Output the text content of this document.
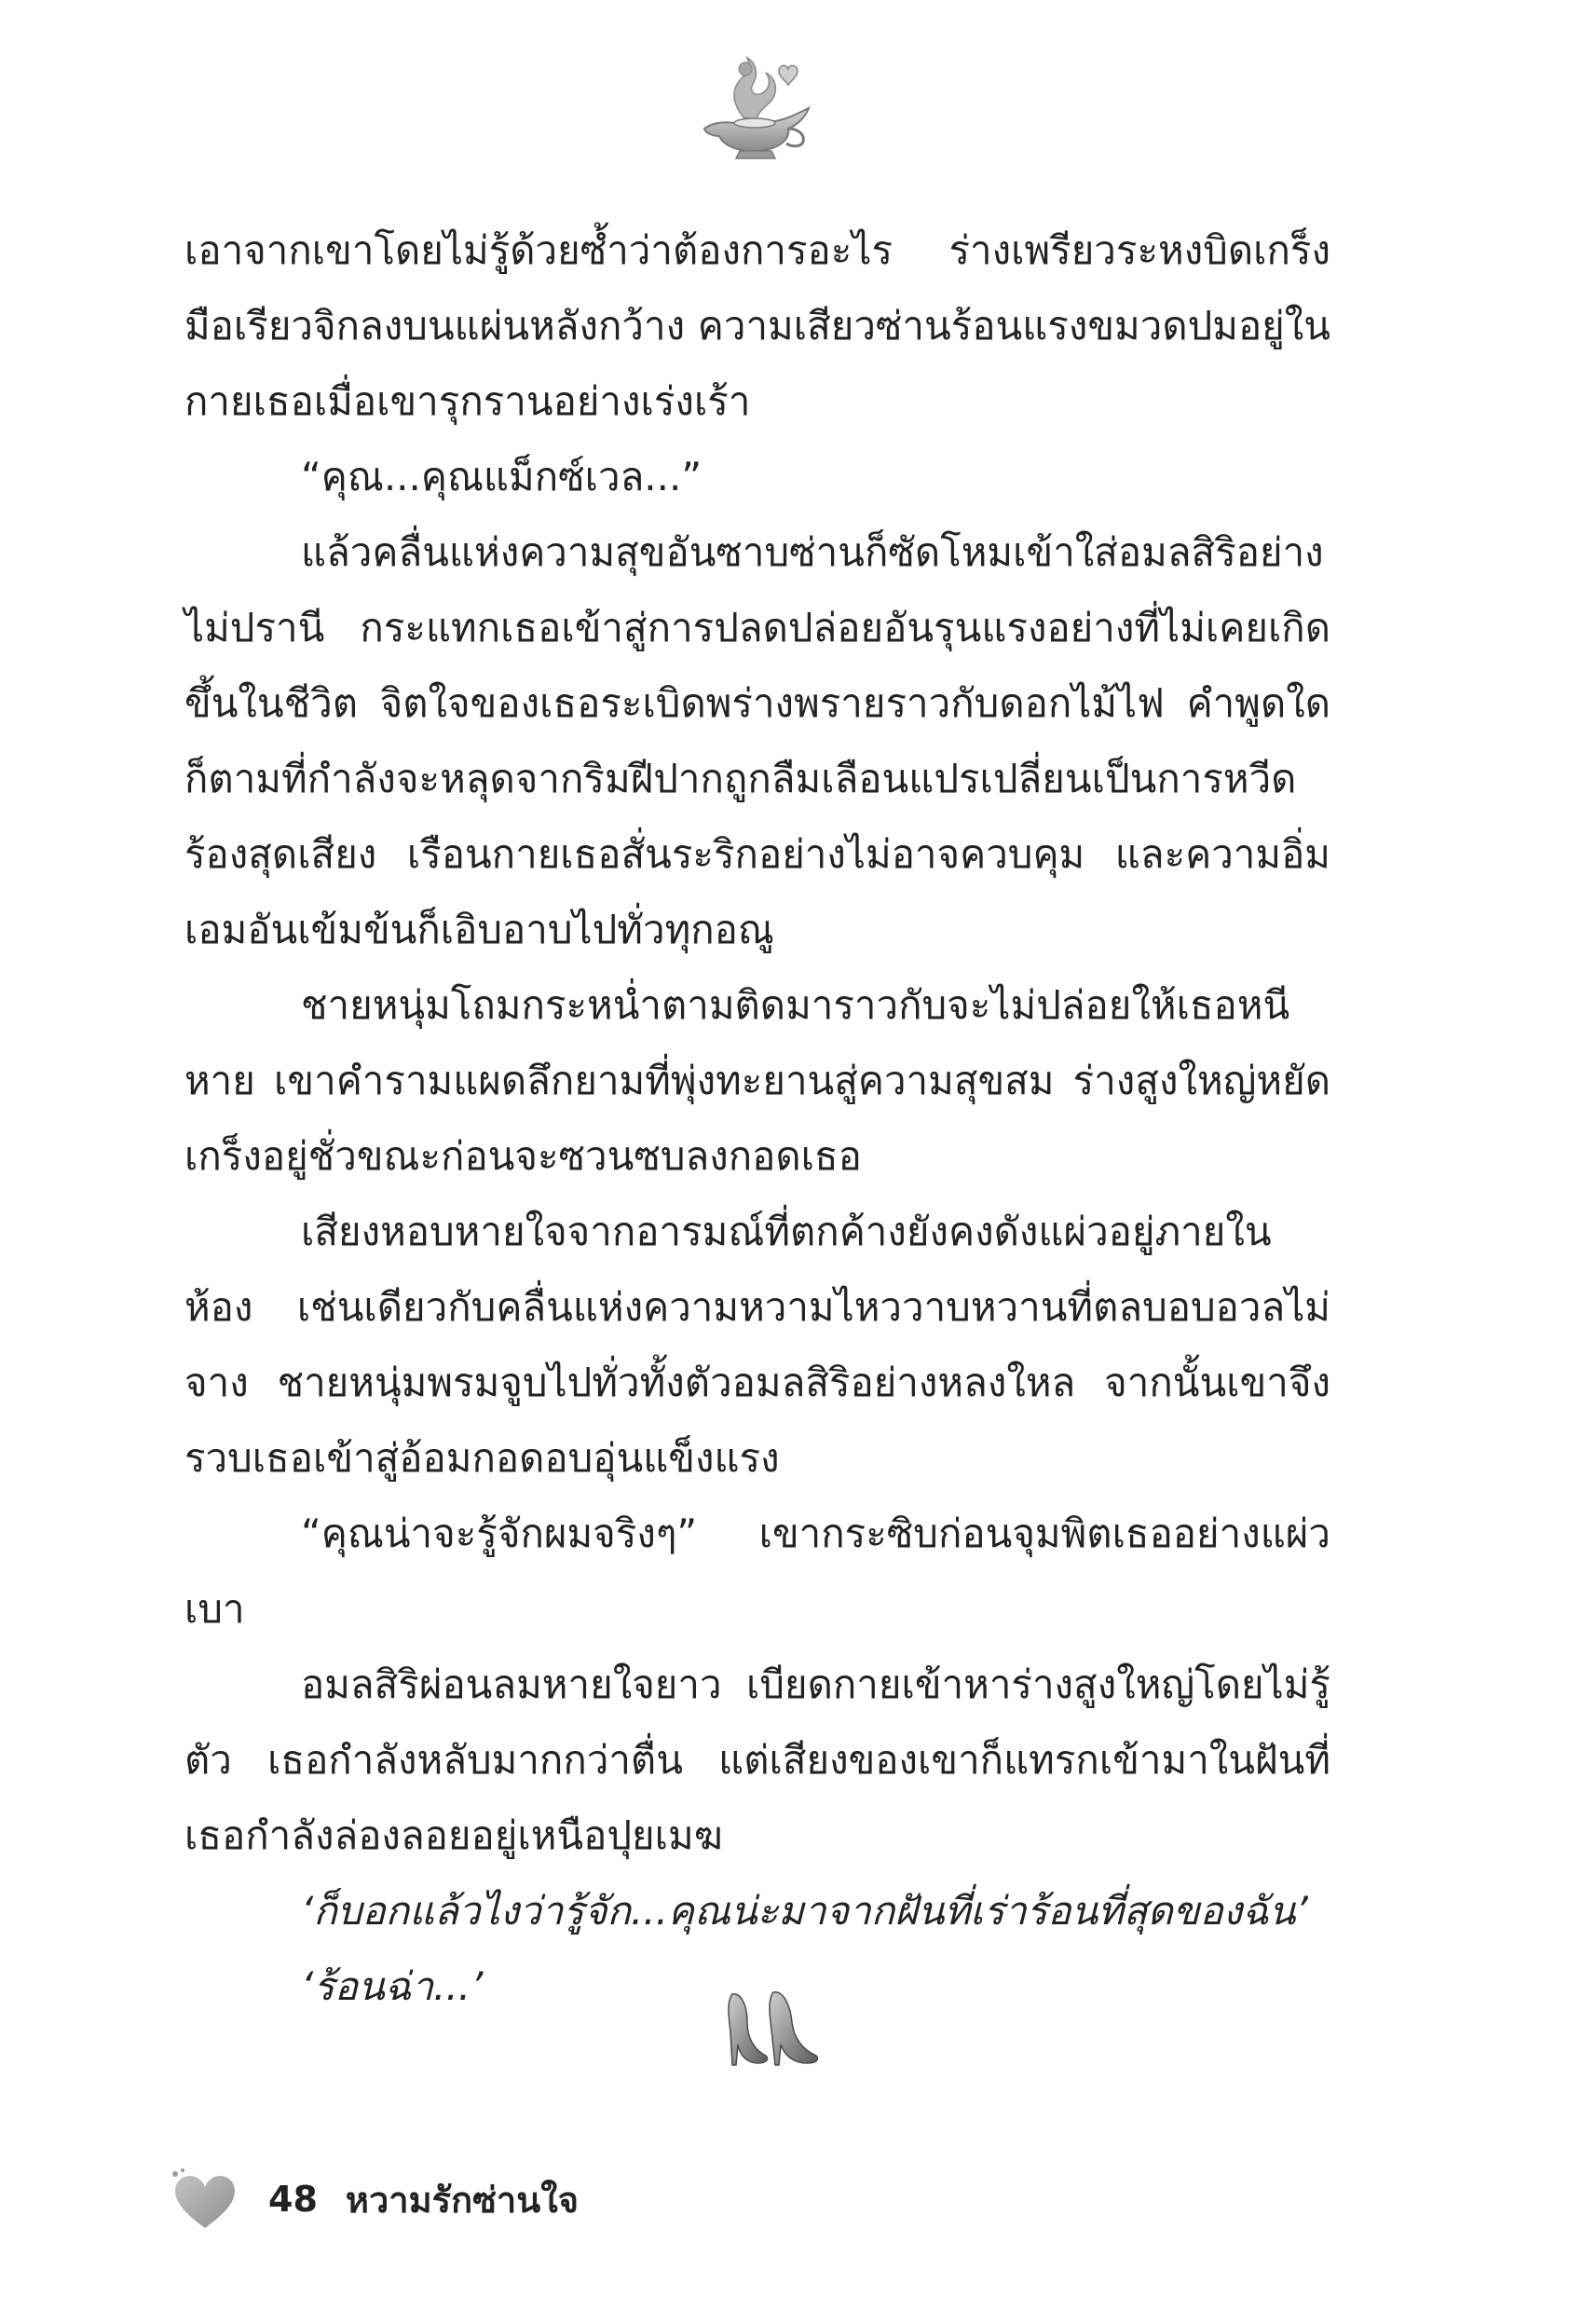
เอาจากเขาโดยไม่รู้ด้วยซ้ำว่าต้องการอะไร ร่างเพรียวระหงบิดเกร็ง มือเรียวจิกลงบนแผ่นหลังกว้าง ความเสียวซ่านร้อนแรงขมวดปมอยู่ในกายเธอเมื่อเขารุกรานอย่างเร่งเร้า

“คุณ...คุณแม็กซ์เวล...”

แล้วคลื่นแห่งความสุขอันซาบซ่านก็ซัดโหมเข้าใส่อมลสิริอย่างไม่ปรานี กระแทกเธอเข้าสู่การปลดปล่อยอันรุนแรงอย่างที่ไม่เคยเกิดขึ้นในชีวิต จิตใจของเธอระเบิดพร่างพรายราวกับดอกไม้ไฟ คำพูดใดก็ตามที่กำลังจะหลุดจากริมฝีปากถูกลืมเลือนแปรเปลี่ยนเป็นการหวีดร้องสุดเสียง เรือนกายเธอสั่นระริกอย่างไม่อาจควบคุม และความอิ่มเอมอันเข้มข้นก็เอิบอาบไปทั่วทุกอณู

ชายหนุ่มโถมกระหน่ำตามติดมาราวกับจะไม่ปล่อยให้เธอหนีหาย เขาคำรามแผดลึกยามที่พุ่งทะยานสู่ความสุขสม ร่างสูงใหญ่หยัดเกร็งอยู่ชั่วขณะก่อนจะซวนซบลงกอดเธอ

เสียงหอบหายใจจากอารมณ์ที่ตกค้างยังคงดังแผ่วอยู่ภายในห้อง เช่นเดียวกับคลื่นแห่งความหวามไหววาบหวานที่ตลบอบอวลไม่จาง ชายหนุ่มพรมจูบไปทั่วทั้งตัวอมลสิริอย่างหลงใหล จากนั้นเขาจึงรวบเธอเข้าสู่อ้อมกอดอบอุ่นแข็งแรง

“คุณน่าจะรู้จักผมจริงๆ” เขากระซิบก่อนจุมพิตเธออย่างแผ่วเบา

อมลสิริผ่อนลมหายใจยาว เบียดกายเข้าหาร่างสูงใหญ่โดยไม่รู้ตัว เธอกำลังหลับมากกว่าตื่น แต่เสียงของเขาก็แทรกเข้ามาในฝันที่เธอกำลังล่องลอยอยู่เหนือปุยเมฆ

‘ก็บอกแล้วไงว่ารู้จัก...คุณน่ะมาจากฝันที่เร่าร้อนที่สุดของฉัน’

‘ร้อนฉ่า...’

48 หวามรักซ่านใจ
